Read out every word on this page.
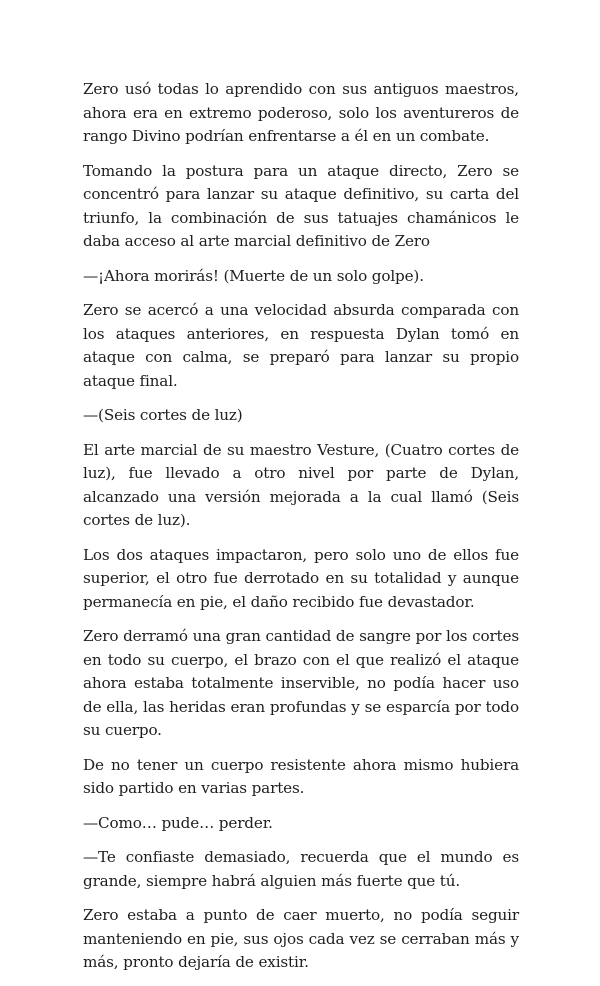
Zero usó todas lo aprendido con sus antiguos maestros, ahora era en extremo poderoso, solo los aventureros de rango Divino podrían enfrentarse a él en un combate.

Tomando la postura para un ataque directo, Zero se concentró para lanzar su ataque definitivo, su carta del triunfo, la combinación de sus tatuajes chamánicos le daba acceso al arte marcial definitivo de Zero

—¡Ahora morirás! (Muerte de un solo golpe).

Zero se acercó a una velocidad absurda comparada con los ataques anteriores, en respuesta Dylan tomó en ataque con calma, se preparó para lanzar su propio ataque final.

—(Seis cortes de luz)

El arte marcial de su maestro Vesture, (Cuatro cortes de luz), fue llevado a otro nivel por parte de Dylan, alcanzado una versión mejorada a la cual llamó (Seis cortes de luz).

Los dos ataques impactaron, pero solo uno de ellos fue superior, el otro fue derrotado en su totalidad y aunque permanecía en pie, el daño recibido fue devastador.

Zero derramó una gran cantidad de sangre por los cortes en todo su cuerpo, el brazo con el que realizó el ataque ahora estaba totalmente inservible, no podía hacer uso de ella, las heridas eran profundas y se esparcía por todo su cuerpo.

De no tener un cuerpo resistente ahora mismo hubiera sido partido en varias partes.

—Como… pude… perder.

—Te confiaste demasiado, recuerda que el mundo es grande, siempre habrá alguien más fuerte que tú.

Zero estaba a punto de caer muerto, no podía seguir manteniendo en pie, sus ojos cada vez se cerraban más y más, pronto dejaría de existir.
